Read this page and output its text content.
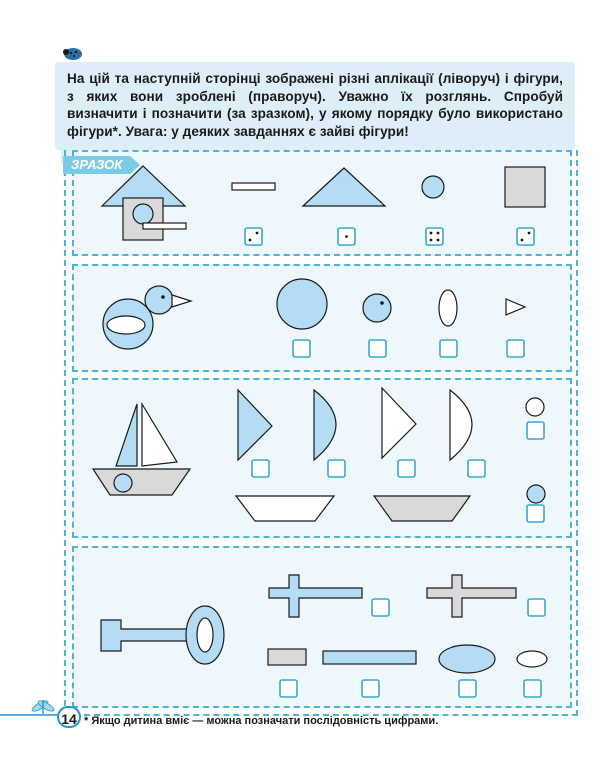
На цій та наступній сторінці зображені різні аплікації (ліворуч) і фігури, з яких вони зроблені (праворуч). Уважно їх розглянь. Спробуй визначити і позначити (за зразком), у якому порядку було використано фігури*. Увага: у деяких завданнях є зайві фігури!
ЗРАЗОК
14 * Якщо дитина вміє — можна позначати послідовність цифрами.
